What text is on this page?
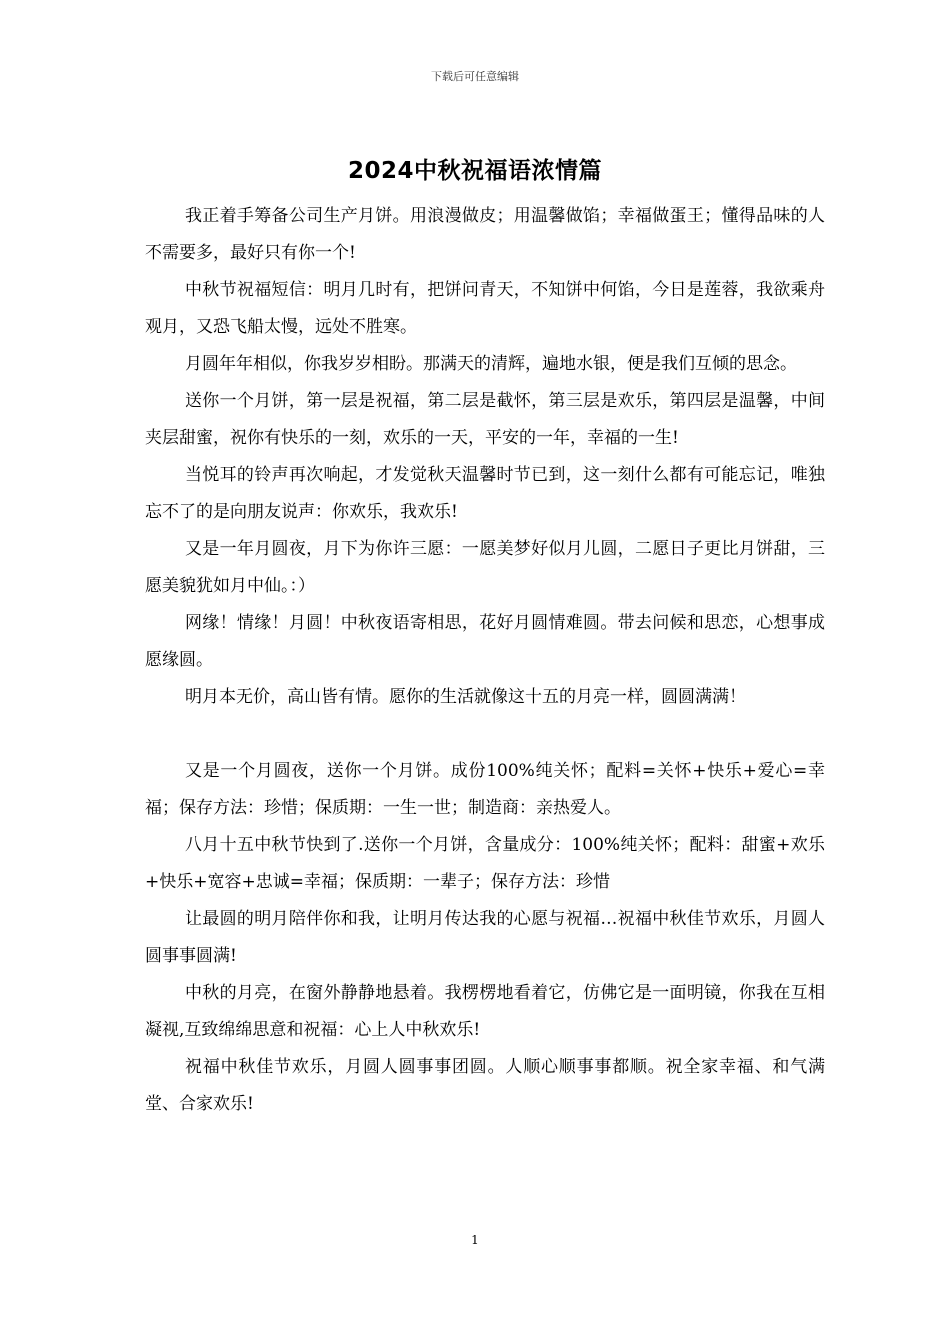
下载后可任意编辑
2024中秋祝福语浓情篇

我正着手筹备公司生产月饼。用浪漫做皮；用温馨做馅；幸福做蛋王；懂得品味的人不需要多，最好只有你一个!

中秋节祝福短信：明月几时有，把饼问青天，不知饼中何馅，今日是莲蓉，我欲乘舟观月，又恐飞船太慢，远处不胜寒。

月圆年年相似，你我岁岁相盼。那满天的清辉，遍地水银，便是我们互倾的思念。

送你一个月饼，第一层是祝福，第二层是截怀，第三层是欢乐，第四层是温馨，中间夹层甜蜜，祝你有快乐的一刻，欢乐的一天，平安的一年，幸福的一生!

当悦耳的铃声再次响起，才发觉秋天温馨时节已到，这一刻什么都有可能忘记，唯独忘不了的是向朋友说声：你欢乐，我欢乐!

又是一年月圆夜，月下为你许三愿：一愿美梦好似月儿圆，二愿日子更比月饼甜，三愿美貌犹如月中仙。：）

网缘！情缘！月圆！中秋夜语寄相思，花好月圆情难圆。带去问候和思恋，心想事成愿缘圆。

明月本无价，高山皆有情。愿你的生活就像这十五的月亮一样，圆圆满满！

又是一个月圆夜，送你一个月饼。成份100%纯关怀；配料=关怀+快乐+爱心=幸福；保存方法：珍惜；保质期：一生一世；制造商：亲热爱人。

八月十五中秋节快到了.送你一个月饼，含量成分：100%纯关怀；配料：甜蜜+欢乐+快乐+宽容+忠诚=幸福；保质期：一辈子；保存方法：珍惜

让最圆的明月陪伴你和我，让明月传达我的心愿与祝福…祝福中秋佳节欢乐，月圆人圆事事圆满!

中秋的月亮，在窗外静静地悬着。我楞楞地看着它，仿佛它是一面明镜，你我在互相凝视,互致绵绵思意和祝福：心上人中秋欢乐!

祝福中秋佳节欢乐，月圆人圆事事团圆。人顺心顺事事都顺。祝全家幸福、和气满堂、合家欢乐!

1
